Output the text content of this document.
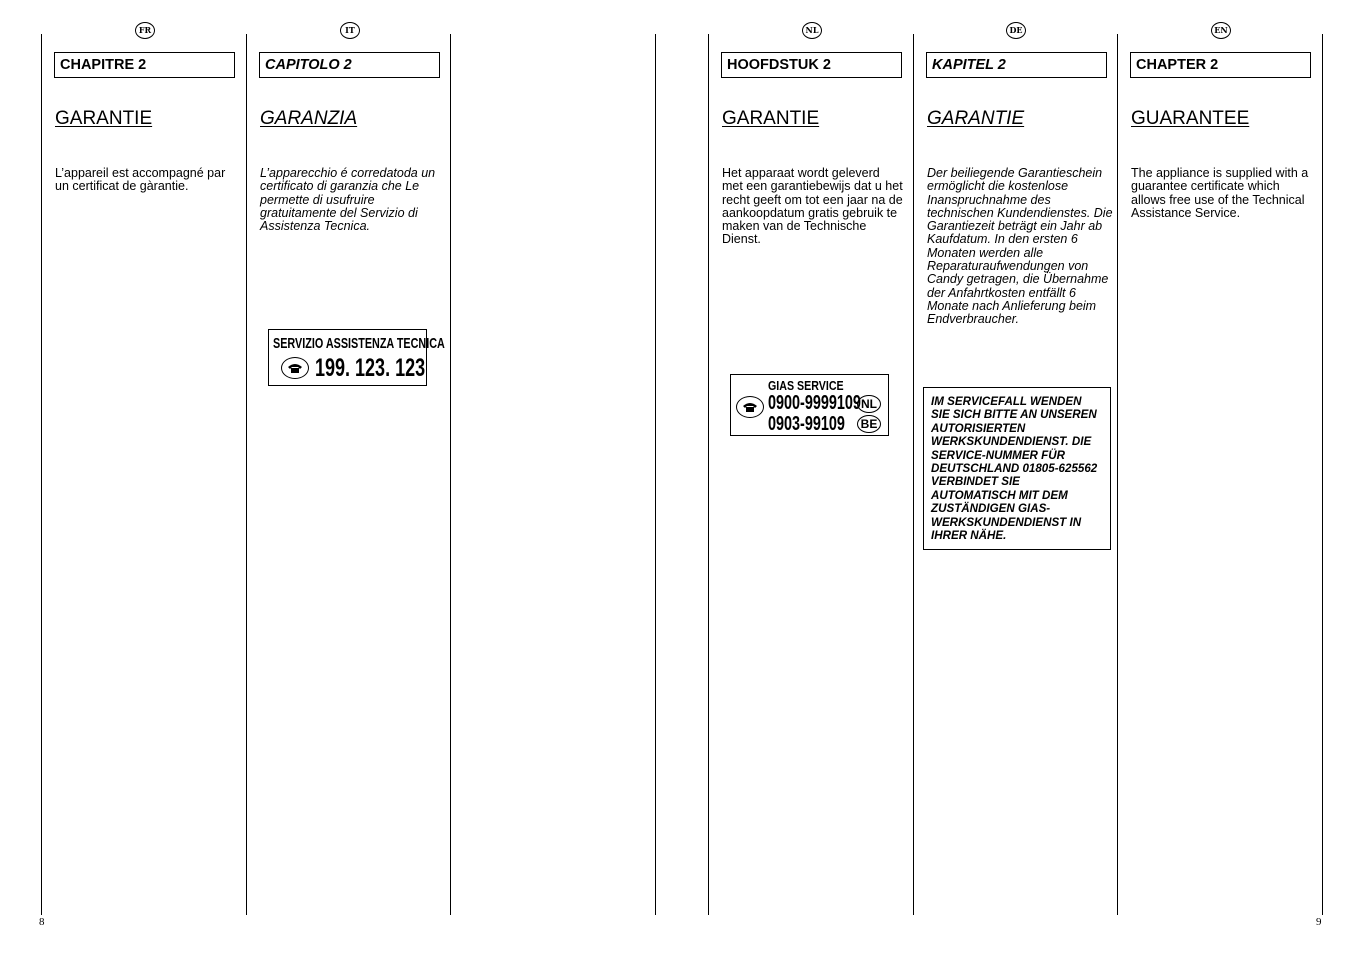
FR
CHAPITRE 2
GARANTIE
L’appareil est accompagné par un certificat de gàrantie.
IT
CAPITOLO 2
GARANZIA
L’apparecchio é corredatoda un certificato di garanzia che Le permette di usufruire gratuitamente del Servizio di Assistenza Tecnica.
SERVIZIO ASSISTENZA TECNICA
199. 123. 123
NL
HOOFDSTUK 2
GARANTIE
Het apparaat wordt geleverd met een garantiebewijs dat u het recht geeft om tot een jaar na de aankoopdatum gratis gebruik te maken van de Technische Dienst.
GIAS SERVICE
0900-9999109 NL
0903-99109	BE
DE
KAPITEL 2
GARANTIE
Der beiliegende Garantieschein ermöglicht die kostenlose Inanspruchnahme des technischen Kundendienstes. Die Garantiezeit beträgt ein Jahr ab Kaufdatum. In den ersten 6 Monaten werden alle Reparaturaufwendungen von Candy getragen, die Übernahme der Anfahrtkosten entfällt 6 Monate nach Anlieferung beim Endverbraucher.
IM SERVICEFALL WENDEN SIE SICH BITTE AN UNSEREN AUTORISIERTEN WERKSKUNDENDIENST. DIE SERVICE-NUMMER FÜR DEUTSCHLAND 01805-625562 VERBINDET SIE AUTOMATISCH MIT DEM ZUSTÄNDIGEN GIAS-WERKSKUNDENDIENST IN IHRER NÄHE.
EN
CHAPTER 2
GUARANTEE
The appliance is supplied with a guarantee certificate which allows free use of the Technical Assistance Service.
8	9
